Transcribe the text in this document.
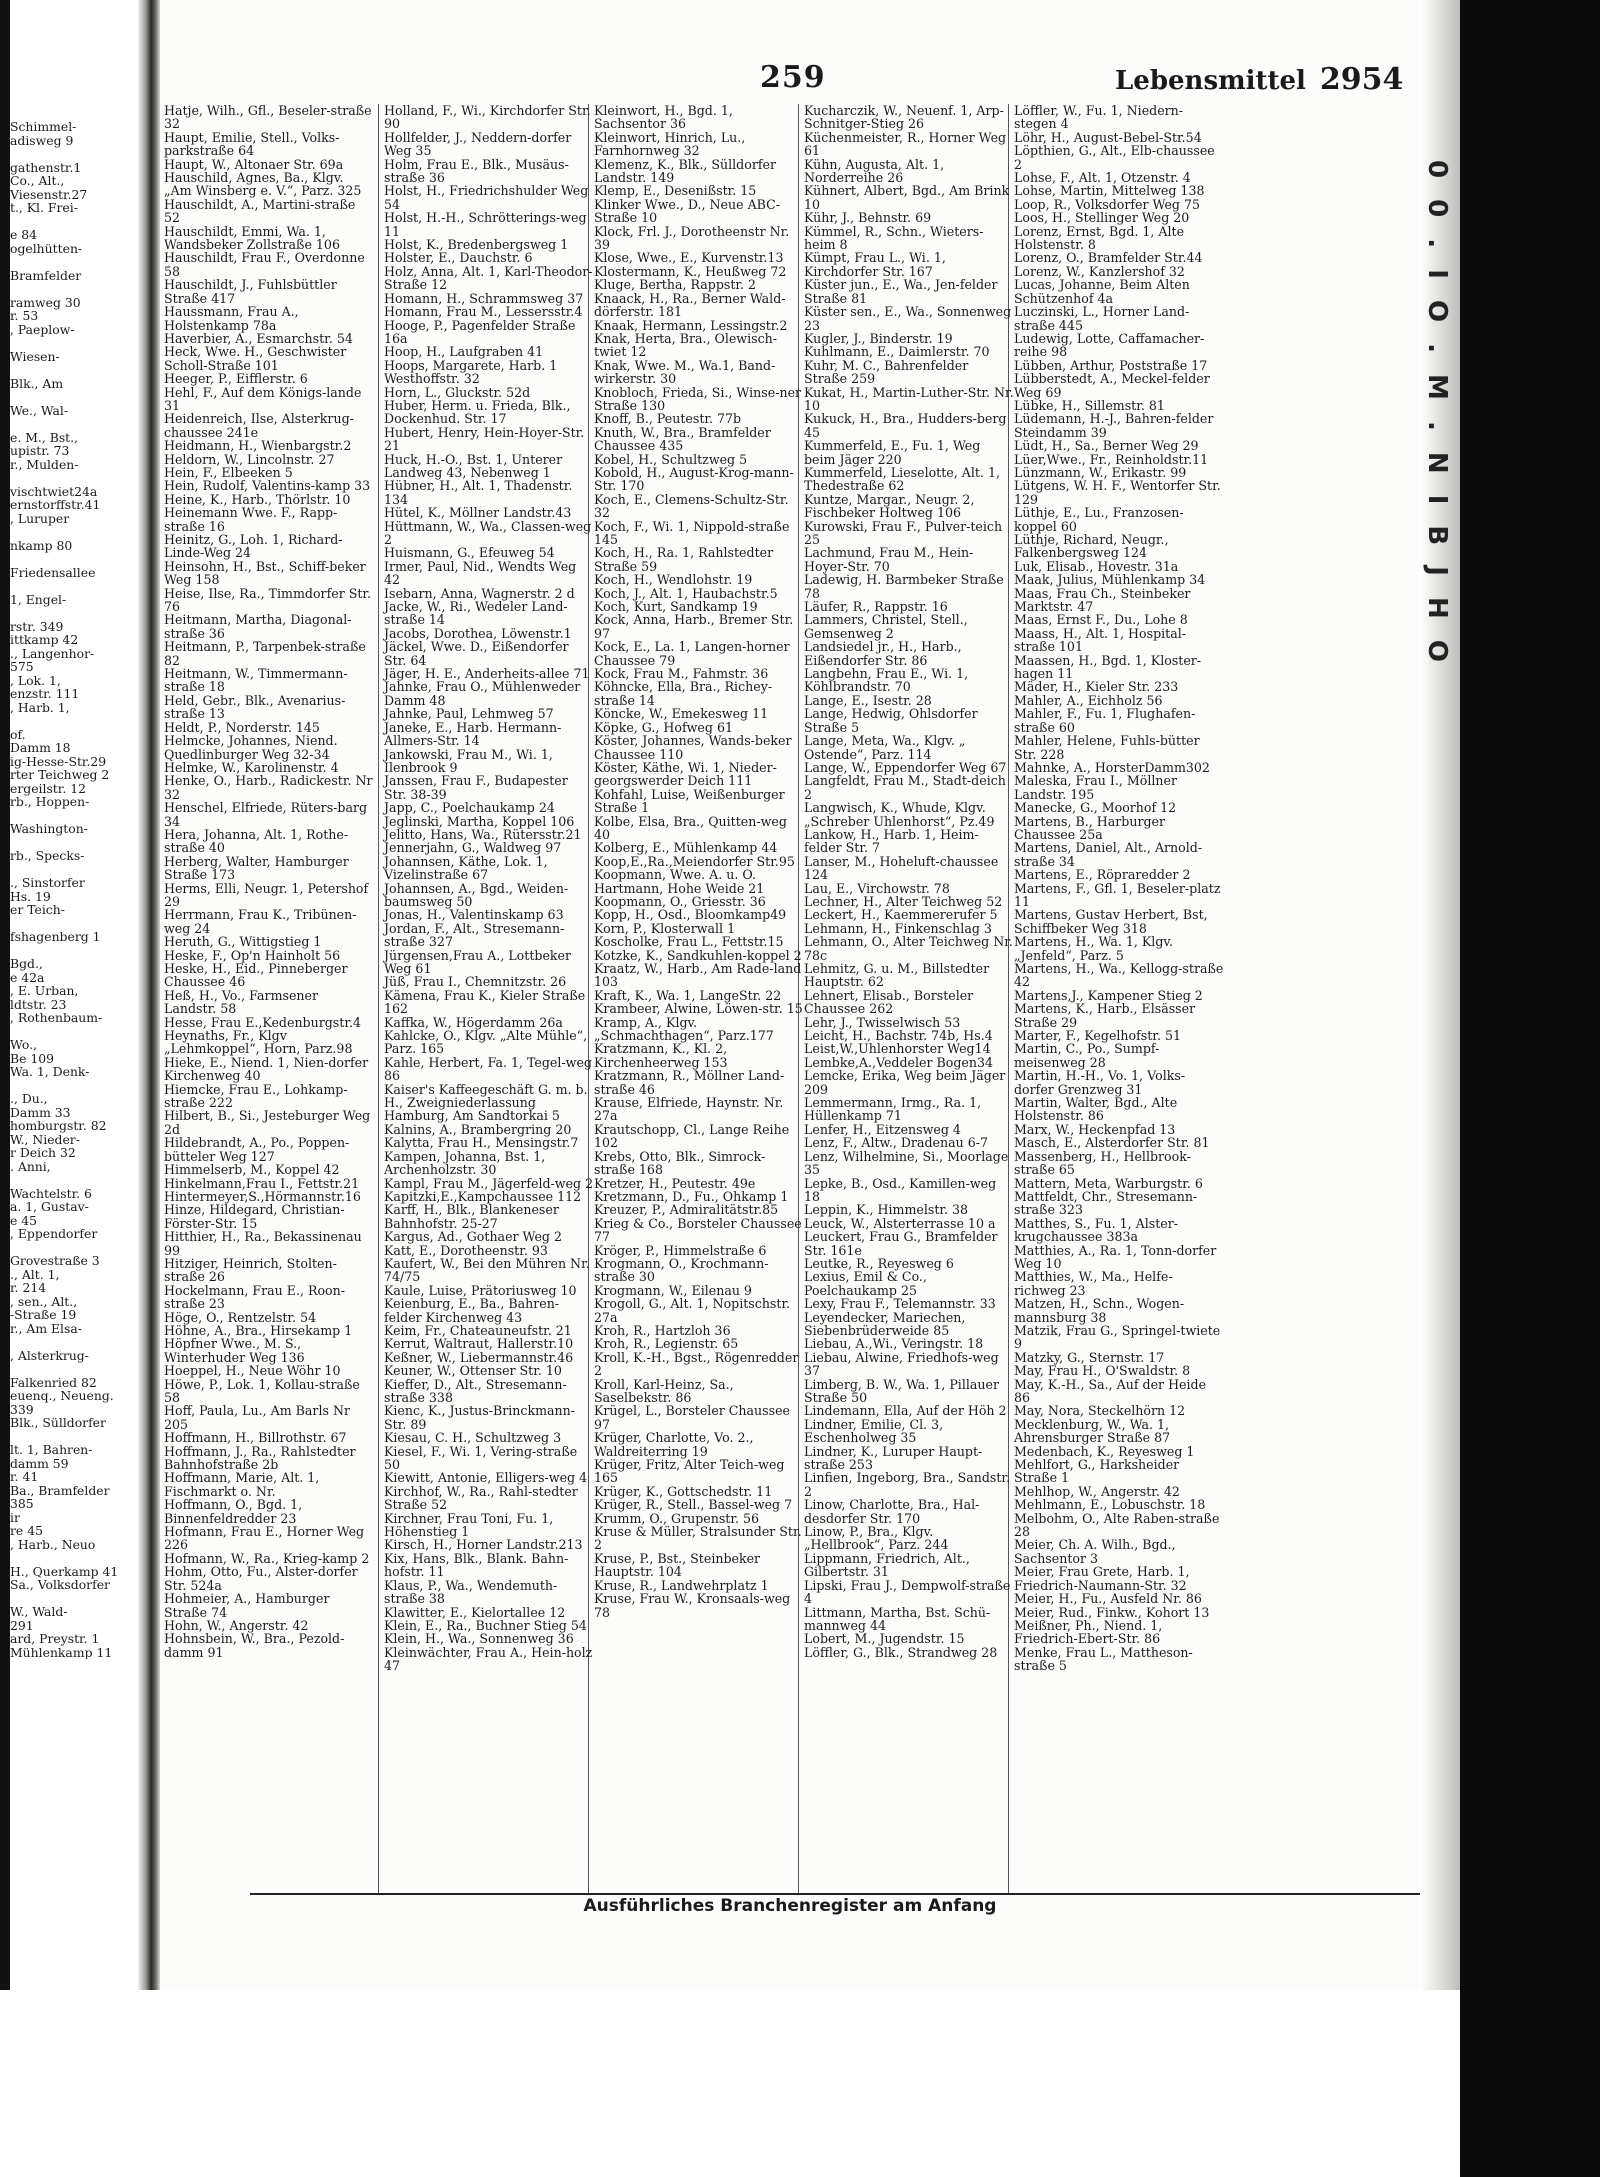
Schimmel-

adisweg 9

gathenstr.1

Co., Alt.,

Viesenstr.27

t., Kl. Frei-

e 84

ogelhütten-

Bramfelder

ramweg 30

r. 53

, Paeplow-

Wiesen-

Blk., Am

We., Wal-

e. M., Bst.,

upistr. 73

r., Mulden-

vischtwiet24a

ernstorffstr.41

, Luruper

nkamp 80

Friedensallee

1, Engel-

rstr. 349

ittkamp 42

., Langenhor-

575

, Lok. 1,

enzstr. 111

, Harb. 1,

of.

Damm 18

ig-Hesse-Str.29

rter Teichweg 2

ergeilstr. 12

rb., Hoppen-

Washington-

rb., Specks-

., Sinstorfer

Hs. 19

er Teich-

fshagenberg 1

Bgd.,

e 42a

, E. Urban,

ldtstr. 23

, Rothenbaum-

Wo.,

Be 109

Wa. 1, Denk-

., Du.,

Damm 33

homburgstr. 82

W., Nieder-

r Deich 32

. Anni,

Wachtelstr. 6

a. 1, Gustav-

e 45

, Eppendorfer

Grovestraße 3

., Alt. 1,

r. 214

, sen., Alt.,

-Straße 19

r., Am Elsa-

, Alsterkrug-

Falkenried 82

euenq., Neueng.

339

Blk., Sülldorfer

lt. 1, Bahren-

damm 59

r. 41

Ba., Bramfelder

385

ir

re 45

, Harb., Neuo

H., Querkamp 41

Sa., Volksdorfer

W., Wald-

291

ard, Preystr. 1

Mühlenkamp 11

259	Lebensmittel 2954

Hatje, Wilh., Gfl., Beseler-straße 32

Haupt, Emilie, Stell., Volks-parkstraße 64

Haupt, W., Altonaer Str. 69a

Hauschild, Agnes, Ba., Klgv. „Am Winsberg e. V.“, Parz. 325

Hauschildt, A., Martini-straße 52

Hauschildt, Emmi, Wa. 1, Wandsbeker Zollstraße 106

Hauschildt, Frau F., Overdonne 58

Hauschildt, J., Fuhlsbüttler Straße 417

Haussmann, Frau A., Holstenkamp 78a

Haverbier, A., Esmarchstr. 54

Heck, Wwe. H., Geschwister Scholl-Straße 101

Heeger, P., Eifflerstr. 6

Hehl, F., Auf dem Königs-lande 31

Heidenreich, Ilse, Alsterkrug-chaussee 241e

Heidmann, H., Wienbargstr.2

Heldorn, W., Lincolnstr. 27

Hein, F., Elbeeken 5

Hein, Rudolf, Valentins-kamp 33

Heine, K., Harb., Thörlstr. 10

Heinemann Wwe. F., Rapp-straße 16

Heinitz, G., Loh. 1, Richard-Linde-Weg 24

Heinsohn, H., Bst., Schiff-beker Weg 158

Heise, Ilse, Ra., Timmdorfer Str. 76

Heitmann, Martha, Diagonal-straße 36

Heitmann, P., Tarpenbek-straße 82

Heitmann, W., Timmermann-straße 18

Held, Gebr., Blk., Avenarius-straße 13

Heldt, P., Norderstr. 145

Helmcke, Johannes, Niend. Quedlinburger Weg 32-34

Helmke, W., Karolinenstr. 4

Henke, O., Harb., Radickestr. Nr 32

Henschel, Elfriede, Rüters-barg 34

Hera, Johanna, Alt. 1, Rothe-straße 40

Herberg, Walter, Hamburger Straße 173

Herms, Elli, Neugr. 1, Petershof 29

Herrmann, Frau K., Tribünen-weg 24

Heruth, G., Wittigstieg 1

Heske, F., Op'n Hainholt 56

Heske, H., Eid., Pinneberger Chaussee 46

Heß, H., Vo., Farmsener Landstr. 58

Hesse, Frau E.,Kedenburgstr.4

Heynaths, Fr., Klgv „Lehmkoppel“, Horn, Parz.98

Hieke, E., Niend. 1, Nien-dorfer Kirchenweg 40

Hiemcke, Frau E., Lohkamp-straße 222

Hilbert, B., Si., Jesteburger Weg 2d

Hildebrandt, A., Po., Poppen-bütteler Weg 127

Himmelserb, M., Koppel 42

Hinkelmann,Frau I., Fettstr.21

Hintermeyer,S.,Hörmannstr.16

Hinze, Hildegard, Christian-Förster-Str. 15

Hitthier, H., Ra., Bekassinenau 99

Hitziger, Heinrich, Stolten-straße 26

Hockelmann, Frau E., Roon-straße 23

Höge, O., Rentzelstr. 54

Höhne, A., Bra., Hirsekamp 1

Höpfner Wwe., M. S., Winterhuder Weg 136

Hoeppel, H., Neue Wöhr 10

Höwe, P., Lok. 1, Kollau-straße 58

Hoff, Paula, Lu., Am Barls Nr 205

Hoffmann, H., Billrothstr. 67

Hoffmann, J., Ra., Rahlstedter Bahnhofstraße 2b

Hoffmann, Marie, Alt. 1, Fischmarkt o. Nr.

Hoffmann, O., Bgd. 1, Binnenfeldredder 23

Hofmann, Frau E., Horner Weg 226

Hofmann, W., Ra., Krieg-kamp 2

Hohm, Otto, Fu., Alster-dorfer Str. 524a

Hohmeier, A., Hamburger Straße 74

Hohn, W., Angerstr. 42

Hohnsbein, W., Bra., Pezold-damm 91

Holland, F., Wi., Kirchdorfer Str. 90

Hollfelder, J., Neddern-dorfer Weg 35

Holm, Frau E., Blk., Musäus-straße 36

Holst, H., Friedrichshulder Weg 54

Holst, H.-H., Schrötterings-weg 11

Holst, K., Bredenbergsweg 1

Holster, E., Dauchstr. 6

Holz, Anna, Alt. 1, Karl-Theodor-Straße 12

Homann, H., Schrammsweg 37

Homann, Frau M., Lessersstr.4

Hooge, P., Pagenfelder Straße 16a

Hoop, H., Laufgraben 41

Hoops, Margarete, Harb. 1 Westhoffstr. 32

Horn, L., Gluckstr. 52d

Huber, Herm. u. Frieda, Blk., Dockenhud. Str. 17

Hubert, Henry, Hein-Hoyer-Str. 21

Huck, H.-O., Bst. 1, Unterer Landweg 43, Nebenweg 1

Hübner, H., Alt. 1, Thadenstr. 134

Hütel, K., Möllner Landstr.43

Hüttmann, W., Wa., Classen-weg 2

Huismann, G., Efeuweg 54

Irmer, Paul, Nid., Wendts Weg 42

Isebarn, Anna, Wagnerstr. 2 d

Jacke, W., Ri., Wedeler Land-straße 14

Jacobs, Dorothea, Löwenstr.1

Jäckel, Wwe. D., Eißendorfer Str. 64

Jäger, H. E., Anderheits-allee 71

Jahnke, Frau O., Mühlenweder Damm 48

Jahnke, Paul, Lehmweg 57

Janeke, E., Harb. Hermann-Allmers-Str. 14

Jankowski, Frau M., Wi. 1, Ilenbrook 9

Janssen, Frau F., Budapester Str. 38-39

Japp, C., Poelchaukamp 24

Jeglinski, Martha, Koppel 106

Jelitto, Hans, Wa., Rütersstr.21

Jennerjahn, G., Waldweg 97

Johannsen, Käthe, Lok. 1, Vizelinstraße 67

Johannsen, A., Bgd., Weiden-baumsweg 50

Jonas, H., Valentinskamp 63

Jordan, F., Alt., Stresemann-straße 327

Jürgensen,Frau A., Lottbeker Weg 61

Jüß, Frau I., Chemnitzstr. 26

Kämena, Frau K., Kieler Straße 162

Kaffka, W., Högerdamm 26a

Kahlcke, O., Klgv. „Alte Mühle“, Parz. 165

Kahle, Herbert, Fa. 1, Tegel-weg 86

Kaiser's Kaffeegeschäft G. m. b. H., Zweigniederlassung Hamburg, Am Sandtorkai 5

Kalnins, A., Brambergring 20

Kalytta, Frau H., Mensingstr.7

Kampen, Johanna, Bst. 1, Archenholzstr. 30

Kampl, Frau M., Jägerfeld-weg 2

Kapitzki,E.,Kampchaussee 112

Karff, H., Blk., Blankeneser Bahnhofstr. 25-27

Kargus, Ad., Gothaer Weg 2

Katt, E., Dorotheenstr. 93

Kaufert, W., Bei den Mühren Nr. 74/75

Kaule, Luise, Prätoriusweg 10

Keienburg, E., Ba., Bahren-felder Kirchenweg 43

Keim, Fr., Chateauneufstr. 21

Kerrut, Waltraut, Hallerstr.10

Keßner, W., Liebermannstr.46

Keuner, W., Ottenser Str. 10

Kieffer, D., Alt., Stresemann-straße 338

Kienc, K., Justus-Brinckmann-Str. 89

Kiesau, C. H., Schultzweg 3

Kiesel, F., Wi. 1, Vering-straße 50

Kiewitt, Antonie, Elligers-weg 4

Kirchhof, W., Ra., Rahl-stedter Straße 52

Kirchner, Frau Toni, Fu. 1, Höhenstieg 1

Kirsch, H., Horner Landstr.213

Kix, Hans, Blk., Blank. Bahn-hofstr. 11

Klaus, P., Wa., Wendemuth-straße 38

Klawitter, E., Kielortallee 12

Klein, E., Ra., Buchner Stieg 54

Klein, H., Wa., Sonnenweg 36

Kleinwächter, Frau A., Hein-holz 47

Kleinwort, H., Bgd. 1, Sachsentor 36

Kleinwort, Hinrich, Lu., Farnhornweg 32

Klemenz, K., Blk., Sülldorfer Landstr. 149

Klemp, E., Desenißstr. 15

Klinker Wwe., D., Neue ABC-Straße 10

Klock, Frl. J., Dorotheenstr Nr. 39

Klose, Wwe., E., Kurvenstr.13

Klostermann, K., Heußweg 72

Kluge, Bertha, Rappstr. 2

Knaack, H., Ra., Berner Wald-dörferstr. 181

Knaak, Hermann, Lessingstr.2

Knak, Herta, Bra., Olewisch-twiet 12

Knak, Wwe. M., Wa.1, Band-wirkerstr. 30

Knobloch, Frieda, Si., Winse-ner Straße 130

Knoff, B., Peutestr. 77b

Knuth, W., Bra., Bramfelder Chaussee 435

Kobel, H., Schultzweg 5

Kobold, H., August-Krog-mann-Str. 170

Koch, E., Clemens-Schultz-Str. 32

Koch, F., Wi. 1, Nippold-straße 145

Koch, H., Ra. 1, Rahlstedter Straße 59

Koch, H., Wendlohstr. 19

Koch, J., Alt. 1, Haubachstr.5

Koch, Kurt, Sandkamp 19

Kock, Anna, Harb., Bremer Str. 97

Kock, E., La. 1, Langen-horner Chaussee 79

Kock, Frau M., Fahmstr. 36

Köhncke, Ella, Bra., Richey-straße 14

Köncke, W., Emekesweg 11

Köpke, G., Hofweg 61

Köster, Johannes, Wands-beker Chaussee 110

Köster, Käthe, Wi. 1, Nieder-georgswerder Deich 111

Kohfahl, Luise, Weißenburger Straße 1

Kolbe, Elsa, Bra., Quitten-weg 40

Kolberg, E., Mühlenkamp 44

Koop,E.,Ra.,Meiendorfer Str.95

Koopmann, Wwe. A. u. O. Hartmann, Hohe Weide 21

Koopmann, O., Griesstr. 36

Kopp, H., Osd., Bloomkamp49

Korn, P., Klosterwall 1

Koscholke, Frau L., Fettstr.15

Kotzke, K., Sandkuhlen-koppel 2

Kraatz, W., Harb., Am Rade-land 103

Kraft, K., Wa. 1, LangeStr. 22

Krambeer, Alwine, Löwen-str. 15

Kramp, A., Klgv. „Schmachthagen“, Parz.177

Kratzmann, K., Kl. 2, Kirchenheerweg 153

Kratzmann, R., Möllner Land-straße 46

Krause, Elfriede, Haynstr. Nr. 27a

Krautschopp, Cl., Lange Reihe 102

Krebs, Otto, Blk., Simrock-straße 168

Kretzer, H., Peutestr. 49e

Kretzmann, D., Fu., Ohkamp 1

Kreuzer, P., Admiralitätstr.85

Krieg & Co., Borsteler Chaussee 77

Kröger, P., Himmelstraße 6

Krogmann, O., Krochmann-straße 30

Krogmann, W., Eilenau 9

Krogoll, G., Alt. 1, Nopitschstr. 27a

Kroh, R., Hartzloh 36

Kroh, R., Legienstr. 65

Kroll, K.-H., Bgst., Rögenredder 2

Kroll, Karl-Heinz, Sa., Saselbekstr. 86

Krügel, L., Borsteler Chaussee 97

Krüger, Charlotte, Vo. 2., Waldreiterring 19

Krüger, Fritz, Alter Teich-weg 165

Krüger, K., Gottschedstr. 11

Krüger, R., Stell., Bassel-weg 7

Krumm, O., Grupenstr. 56

Kruse & Müller, Stralsunder Str. 2

Kruse, P., Bst., Steinbeker Hauptstr. 104

Kruse, R., Landwehrplatz 1

Kruse, Frau W., Kronsaals-weg 78

Kucharczik, W., Neuenf. 1, Arp-Schnitger-Stieg 26

Küchenmeister, R., Horner Weg 61

Kühn, Augusta, Alt. 1, Norderreihe 26

Kühnert, Albert, Bgd., Am Brink 10

Kühr, J., Behnstr. 69

Kümmel, R., Schn., Wieters-heim 8

Kümpt, Frau L., Wi. 1, Kirchdorfer Str. 167

Küster jun., E., Wa., Jen-felder Straße 81

Küster sen., E., Wa., Sonnenweg 23

Kugler, J., Binderstr. 19

Kuhlmann, E., Daimlerstr. 70

Kuhr, M. C., Bahrenfelder Straße 259

Kukat, H., Martin-Luther-Str. Nr. 10

Kukuck, H., Bra., Hudders-berg 45

Kummerfeld, E., Fu. 1, Weg beim Jäger 220

Kummerfeld, Lieselotte, Alt. 1, Thedestraße 62

Kuntze, Margar., Neugr. 2, Fischbeker Holtweg 106

Kurowski, Frau F., Pulver-teich 25

Lachmund, Frau M., Hein-Hoyer-Str. 70

Ladewig, H. Barmbeker Straße 78

Läufer, R., Rappstr. 16

Lammers, Christel, Stell., Gemsenweg 2

Landsiedel jr., H., Harb., Eißendorfer Str. 86

Langbehn, Frau E., Wi. 1, Köhlbrandstr. 70

Lange, E., Isestr. 28

Lange, Hedwig, Ohlsdorfer Straße 5

Lange, Meta, Wa., Klgv. „ Ostende“, Parz. 114

Lange, W., Eppendorfer Weg 67

Langfeldt, Frau M., Stadt-deich 2

Langwisch, K., Whude, Klgv. „Schreber Uhlenhorst“, Pz.49

Lankow, H., Harb. 1, Heim-felder Str. 7

Lanser, M., Hoheluft-chaussee 124

Lau, E., Virchowstr. 78

Lechner, H., Alter Teichweg 52

Leckert, H., Kaemmererufer 5

Lehmann, H., Finkenschlag 3

Lehmann, O., Alter Teichweg Nr. 78c

Lehmitz, G. u. M., Billstedter Hauptstr. 62

Lehnert, Elisab., Borsteler Chaussee 262

Lehr, J., Twisselwisch 53

Leicht, H., Bachstr. 74b, Hs.4

Leist,W.,Uhlenhorster Weg14

Lembke,A.,Veddeler Bogen34

Lemcke, Erika, Weg beim Jäger 209

Lemmermann, Irmg., Ra. 1, Hüllenkamp 71

Lenfer, H., Eitzensweg 4

Lenz, F., Altw., Dradenau 6-7

Lenz, Wilhelmine, Si., Moorlage 35

Lepke, B., Osd., Kamillen-weg 18

Leppin, K., Himmelstr. 38

Leuck, W., Alsterterrasse 10 a

Leuckert, Frau G., Bramfelder Str. 161e

Leutke, R., Reyesweg 6

Lexius, Emil & Co., Poelchaukamp 25

Lexy, Frau F., Telemannstr. 33

Leyendecker, Mariechen, Siebenbrüderweide 85

Liebau, A.,Wi., Veringstr. 18

Liebau, Alwine, Friedhofs-weg 37

Limberg, B. W., Wa. 1, Pillauer Straße 50

Lindemann, Ella, Auf der Höh 2

Lindner, Emilie, Cl. 3, Eschenholweg 35

Lindner, K., Luruper Haupt-straße 253

Linfien, Ingeborg, Bra., Sandstr. 2

Linow, Charlotte, Bra., Hal-desdorfer Str. 170

Linow, P., Bra., Klgv. „Hellbrook“, Parz. 244

Lippmann, Friedrich, Alt., Gilbertstr. 31

Lipski, Frau J., Dempwolf-straße 4

Littmann, Martha, Bst. Schü-mannweg 44

Lobert, M., Jugendstr. 15

Löffler, G., Blk., Strandweg 28

Löffler, W., Fu. 1, Niedern-stegen 4

Löhr, H., August-Bebel-Str.54

Löpthien, G., Alt., Elb-chaussee 2

Lohse, F., Alt. 1, Otzenstr. 4

Lohse, Martin, Mittelweg 138

Loop, R., Volksdorfer Weg 75

Loos, H., Stellinger Weg 20

Lorenz, Ernst, Bgd. 1, Alte Holstenstr. 8

Lorenz, O., Bramfelder Str.44

Lorenz, W., Kanzlershof 32

Lucas, Johanne, Beim Alten Schützenhof 4a

Luczinski, L., Horner Land-straße 445

Ludewig, Lotte, Caffamacher-reihe 98

Lübben, Arthur, Poststraße 17

Lübberstedt, A., Meckel-felder Weg 69

Lübke, H., Sillemstr. 81

Lüdemann, H.-J., Bahren-felder Steindamm 39

Lüdt, H., Sa., Berner Weg 29

Lüer,Wwe., Fr., Reinholdstr.11

Lünzmann, W., Erikastr. 99

Lütgens, W. H. F., Wentorfer Str. 129

Lüthje, E., Lu., Franzosen-koppel 60

Lüthje, Richard, Neugr., Falkenbergsweg 124

Luk, Elisab., Hovestr. 31a

Maak, Julius, Mühlenkamp 34

Maas, Frau Ch., Steinbeker Marktstr. 47

Maas, Ernst F., Du., Lohe 8

Maass, H., Alt. 1, Hospital-straße 101

Maassen, H., Bgd. 1, Kloster-hagen 11

Mäder, H., Kieler Str. 233

Mahler, A., Eichholz 56

Mahler, F., Fu. 1, Flughafen-straße 60

Mahler, Helene, Fuhls-bütter Str. 228

Mahnke, A., HorsterDamm302

Maleska, Frau I., Möllner Landstr. 195

Manecke, G., Moorhof 12

Martens, B., Harburger Chaussee 25a

Martens, Daniel, Alt., Arnold-straße 34

Martens, E., Röpraredder 2

Martens, F., Gfl. 1, Beseler-platz 11

Martens, Gustav Herbert, Bst, Schiffbeker Weg 318

Martens, H., Wa. 1, Klgv. „Jenfeld“, Parz. 5

Martens, H., Wa., Kellogg-straße 42

Martens,J., Kampener Stieg 2

Martens, K., Harb., Elsässer Straße 29

Marter, F., Kegelhofstr. 51

Martin, C., Po., Sumpf-meisenweg 28

Martin, H.-H., Vo. 1, Volks-dorfer Grenzweg 31

Martin, Walter, Bgd., Alte Holstenstr. 86

Marx, W., Heckenpfad 13

Masch, E., Alsterdorfer Str. 81

Massenberg, H., Hellbrook-straße 65

Mattern, Meta, Warburgstr. 6

Mattfeldt, Chr., Stresemann-straße 323

Matthes, S., Fu. 1, Alster-krugchaussee 383a

Matthies, A., Ra. 1, Tonn-dorfer Weg 10

Matthies, W., Ma., Helfe-richweg 23

Matzen, H., Schn., Wogen-mannsburg 38

Matzik, Frau G., Springel-twiete 9

Matzky, G., Sternstr. 17

May, Frau H., O'Swaldstr. 8

May, K.-H., Sa., Auf der Heide 86

May, Nora, Steckelhörn 12

Mecklenburg, W., Wa. 1, Ahrensburger Straße 87

Medenbach, K., Reyesweg 1

Mehlfort, G., Harksheider Straße 1

Mehlhop, W., Angerstr. 42

Mehlmann, E., Lobuschstr. 18

Melbohm, O., Alte Raben-straße 28

Meier, Ch. A. Wilh., Bgd., Sachsentor 3

Meier, Frau Grete, Harb. 1, Friedrich-Naumann-Str. 32

Meier, H., Fu., Ausfeld Nr. 86

Meier, Rud., Finkw., Kohort 13

Meißner, Ph., Niend. 1, Friedrich-Ebert-Str. 86

Menke, Frau L., Mattheson-straße 5

Ausführliches Branchenregister am Anfang
0 0 . I O . M . N I B J H O
